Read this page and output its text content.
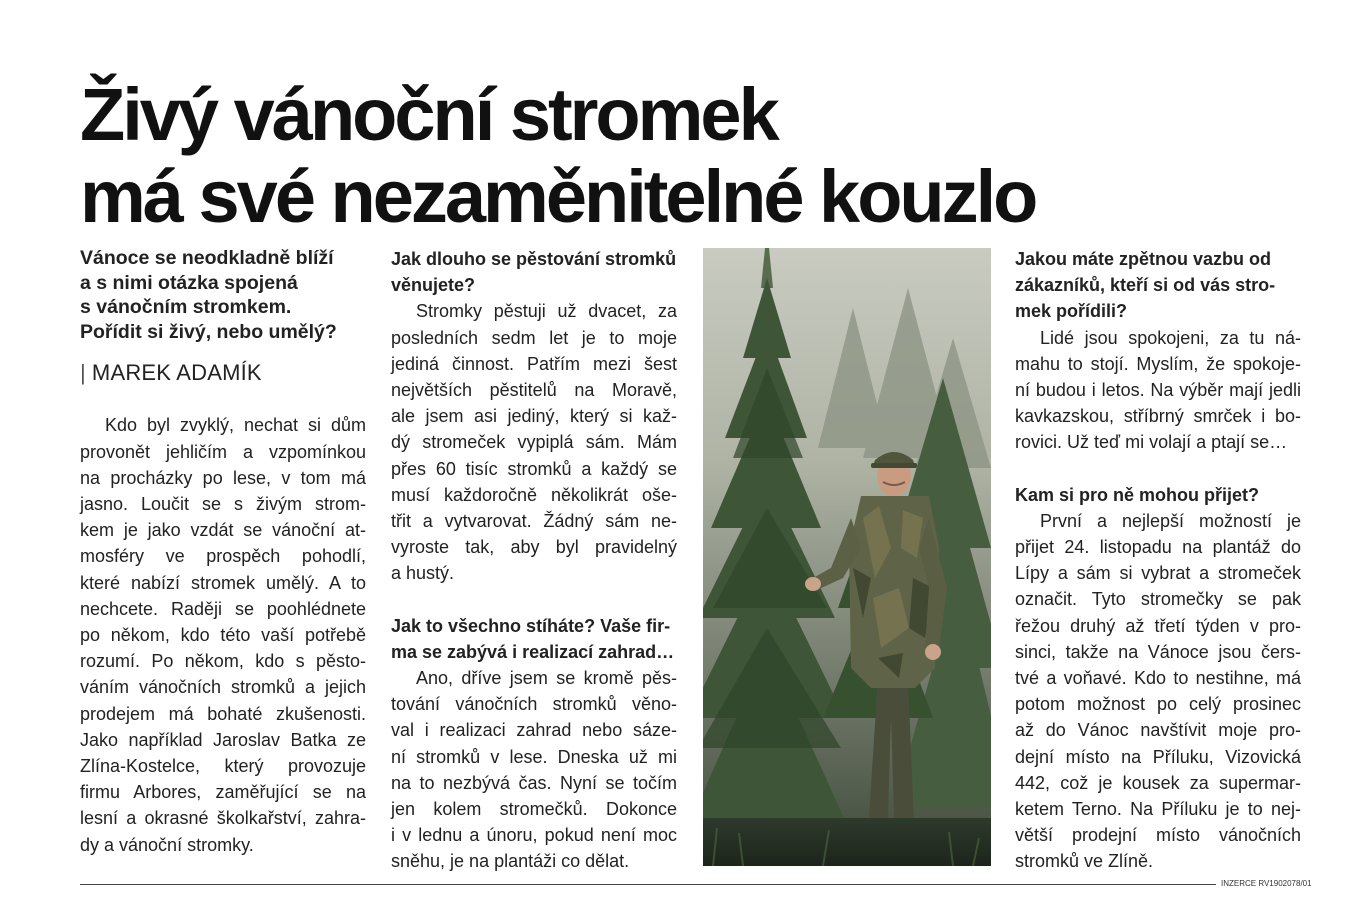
Živý vánoční stromek
má své nezaměnitelné kouzlo
Vánoce se neodkladně blíží
a s nimi otázka spojená
s vánočním stromkem.
Pořídit si živý, nebo umělý?
| MAREK ADAMÍK
Kdo byl zvyklý, nechat si dům
provonět jehličím a vzpomínkou
na procházky po lese, v tom má
jasno. Loučit se s živým strom-
kem je jako vzdát se vánoční at-
mosféry ve prospěch pohodlí,
které nabízí stromek umělý. A to
nechcete. Raději se poohlédnete
po někom, kdo této vaší potřebě
rozumí. Po někom, kdo s pěsto-
váním vánočních stromků a jejich
prodejem má bohaté zkušenosti.
Jako například Jaroslav Batka ze
Zlína-Kostelce, který provozuje
firmu Arbores, zaměřující se na
lesní a okrasné školkařství, zahra-
dy a vánoční stromky.
Jak dlouho se pěstování stromků
věnujete?
Stromky pěstuji už dvacet, za
posledních sedm let je to moje
jediná činnost. Patřím mezi šest
největších pěstitelů na Moravě,
ale jsem asi jediný, který si kaž-
dý stromeček vypiplá sám. Mám
přes 60 tisíc stromků a každý se
musí každoročně několikrát oše-
třit a vytvarovat. Žádný sám ne-
vyroste tak, aby byl pravidelný
a hustý.
Jak to všechno stíháte? Vaše fir-
ma se zabývá i realizací zahrad…
Ano, dříve jsem se kromě pěs-
tování vánočních stromků věno-
val i realizaci zahrad nebo sáze-
ní stromků v lese. Dneska už mi
na to nezbývá čas. Nyní se točím
jen kolem stromečků. Dokonce
i v lednu a únoru, pokud není moc
sněhu, je na plantáži co dělat.
Jakou máte zpětnou vazbu od
zákazníků, kteří si od vás stro-
mek pořídili?
Lidé jsou spokojeni, za tu ná-
mahu to stojí. Myslím, že spokoje-
ní budou i letos. Na výběr mají jedli
kavkazskou, stříbrný smrček i bo-
rovici. Už teď mi volají a ptají se…
Kam si pro ně mohou přijet?
První a nejlepší možností je
přijet 24. listopadu na plantáž do
Lípy a sám si vybrat a stromeček
označit. Tyto stromečky se pak
řežou druhý až třetí týden v pro-
sinci, takže na Vánoce jsou čers-
tvé a voňavé. Kdo to nestihne, má
potom možnost po celý prosinec
až do Vánoc navštívit moje pro-
dejní místo na Příluku, Vizovická
442, což je kousek za supermar-
ketem Terno. Na Příluku je to nej-
větší prodejní místo vánočních
stromků ve Zlíně.
INZERCE RV1902078/01
